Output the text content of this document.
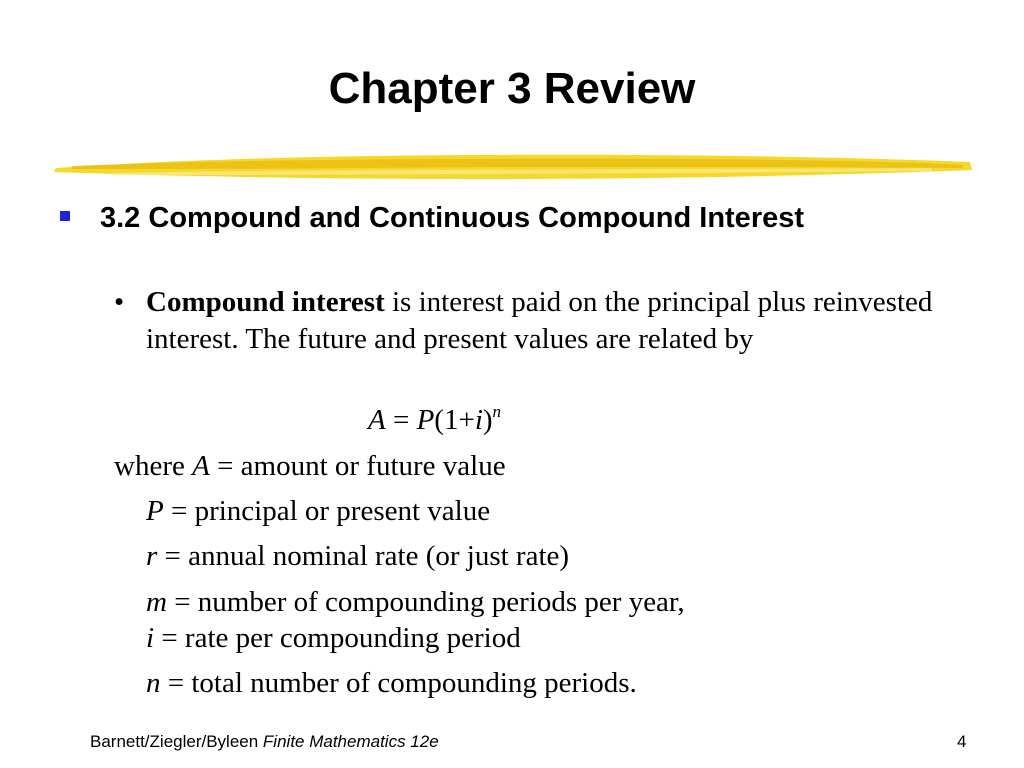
Chapter 3 Review
3.2 Compound and Continuous Compound Interest
• Compound interest is interest paid on the principal plus reinvested interest. The future and present values are related by
$A = P(1+i)^n$
where A = amount or future value
P = principal or present value
r = annual nominal rate (or just rate)
m = number of compounding periods per year,
i = rate per compounding period
n = total number of compounding periods.
Barnett/Ziegler/Byleen Finite Mathematics 12e	4
